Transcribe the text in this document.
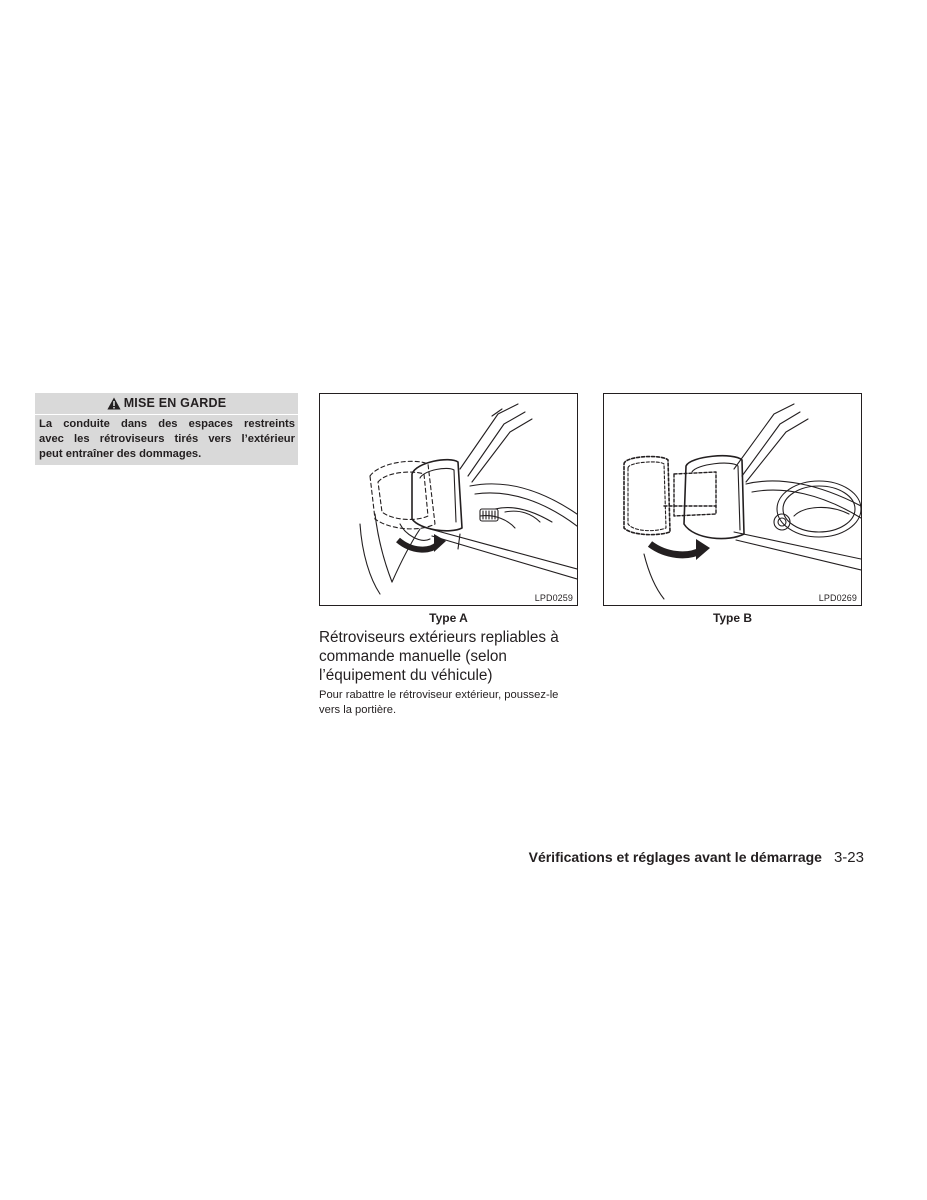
MISE EN GARDE
La conduite dans des espaces restreints
avec les rétroviseurs tirés vers l’extérieur
peut entraîner des dommages.
LPD0259
Type A
LPD0269
Type B
Rétroviseurs extérieurs repliables à
commande manuelle (selon
l’équipement du véhicule)
Pour rabattre le rétroviseur extérieur, poussez-le
vers la portière.
Vérifications et réglages avant le démarrage 3-23
